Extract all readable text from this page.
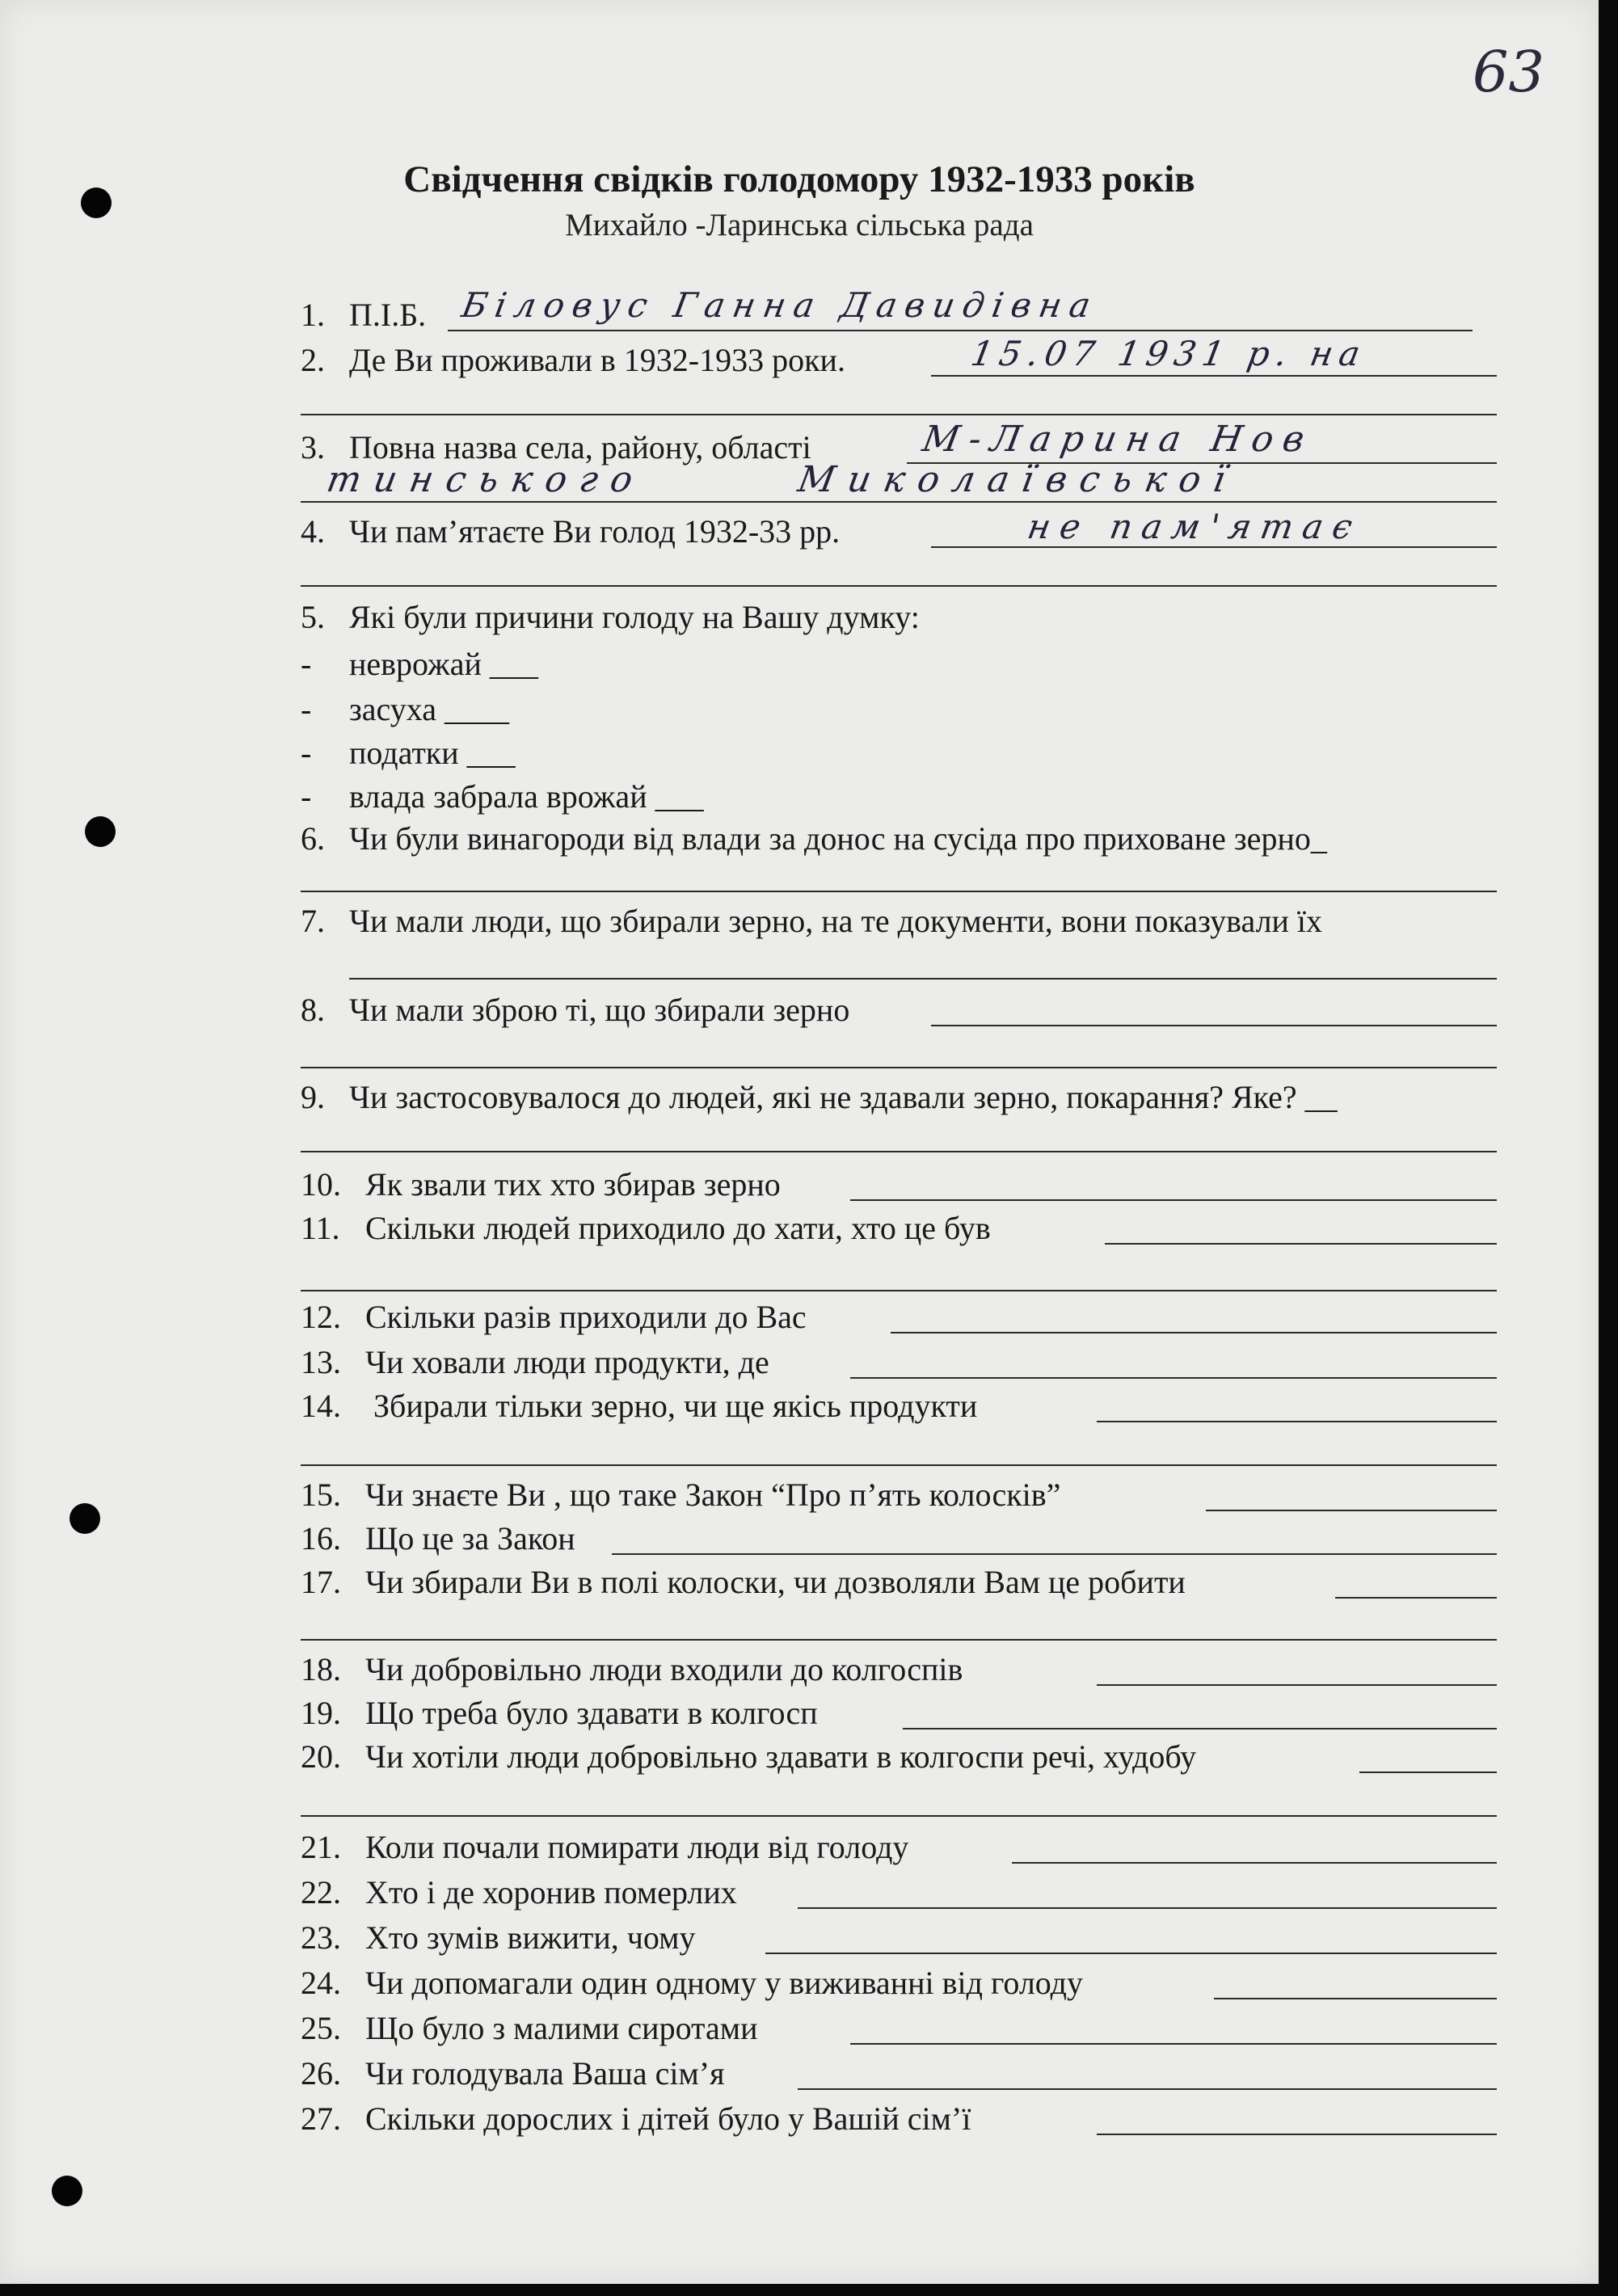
63
Свідчення свідків голодомору 1932-1933 років
Михайло -Ларинська сільська рада
1. П.І.Б. Біловус Ганна Давидівна
2. Де Ви проживали в 1932-1933 роки.	15.07 1931 р. на
3. Повна назва села, району, області	М-Ларина Нов
тинського Миколаївської
4. Чи пам’ятаєте Ви голод 1932-33 рр.	не пам'ятає
5. Які були причини голоду на Вашу думку:
- неврожай ___
- засуха ____
- податки ___
- влада забрала врожай ___
6. Чи були винагороди від влади за донос на сусіда про приховане зерно_
7. Чи мали люди, що збирали зерно, на те документи, вони показували їх
8. Чи мали зброю ті, що збирали зерно
9. Чи застосовувалося до людей, які не здавали зерно, покарання? Яке? __
10. Як звали тих хто збирав зерно
11. Скільки людей приходило до хати, хто це був
12. Скільки разів приходили до Вас
13. Чи ховали люди продукти, де
14. Збирали тільки зерно, чи ще якісь продукти
15. Чи знаєте Ви , що таке Закон “Про п’ять колосків”
16. Що це за Закон
17. Чи збирали Ви в полі колоски, чи дозволяли Вам це робити
18. Чи добровільно люди входили до колгоспів
19. Що треба було здавати в колгосп
20. Чи хотіли люди добровільно здавати в колгоспи речі, худобу
21. Коли почали помирати люди від голоду
22. Хто і де хоронив померлих
23. Хто зумів вижити, чому
24. Чи допомагали один одному у виживанні від голоду
25. Що було з малими сиротами
26. Чи голодувала Ваша сім’я
27. Скільки дорослих і дітей було у Вашій сім’ї
